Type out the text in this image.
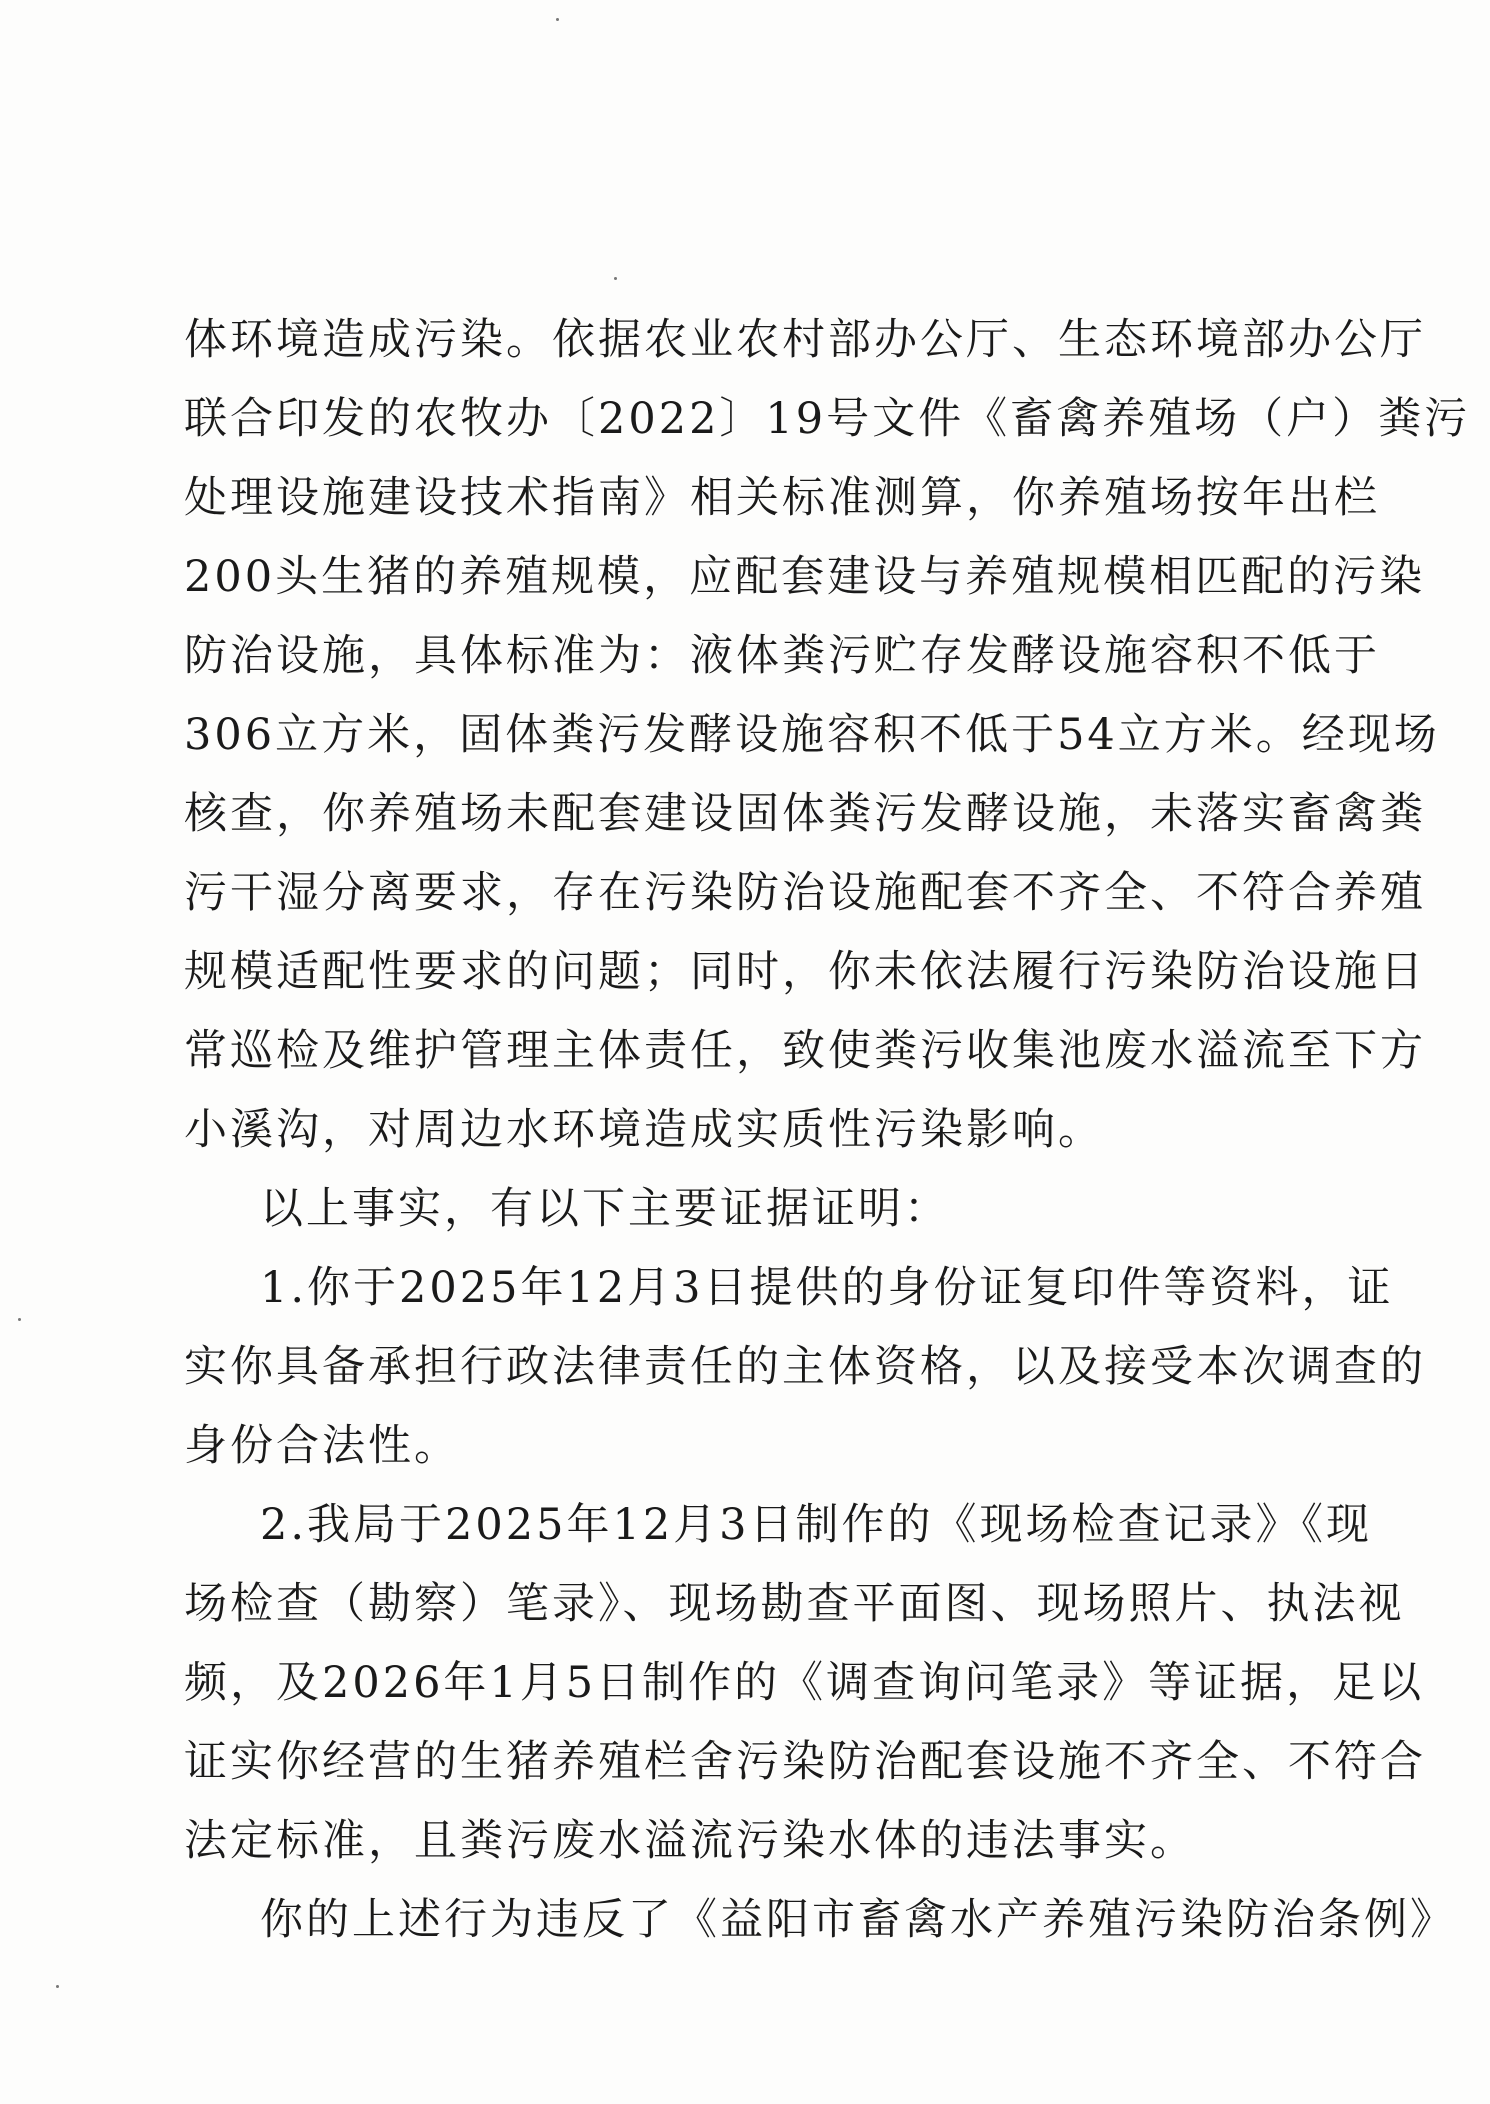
体环境造成污染。依据农业农村部办公厅、生态环境部办公厅
联合印发的农牧办〔2022〕19号文件《畜禽养殖场（户）粪污
处理设施建设技术指南》相关标准测算，你养殖场按年出栏
200头生猪的养殖规模，应配套建设与养殖规模相匹配的污染
防治设施，具体标准为：液体粪污贮存发酵设施容积不低于
306立方米，固体粪污发酵设施容积不低于54立方米。经现场
核查，你养殖场未配套建设固体粪污发酵设施，未落实畜禽粪
污干湿分离要求，存在污染防治设施配套不齐全、不符合养殖
规模适配性要求的问题；同时，你未依法履行污染防治设施日
常巡检及维护管理主体责任，致使粪污收集池废水溢流至下方
小溪沟，对周边水环境造成实质性污染影响。
以上事实，有以下主要证据证明：
1.你于2025年12月3日提供的身份证复印件等资料，证
实你具备承担行政法律责任的主体资格，以及接受本次调查的
身份合法性。
2.我局于2025年12月3日制作的《现场检查记录》《现
场检查（勘察）笔录》、现场勘查平面图、现场照片、执法视
频，及2026年1月5日制作的《调查询问笔录》等证据，足以
证实你经营的生猪养殖栏舍污染防治配套设施不齐全、不符合
法定标准，且粪污废水溢流污染水体的违法事实。
你的上述行为违反了《益阳市畜禽水产养殖污染防治条例》
